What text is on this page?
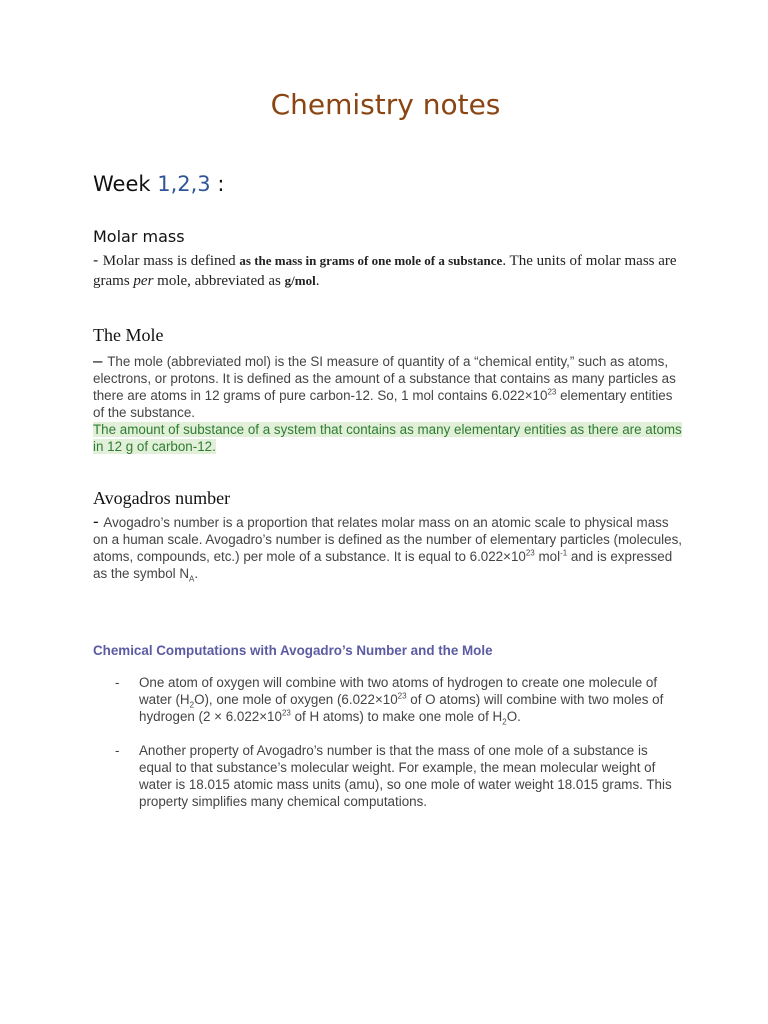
Chemistry notes
Week 1,2,3 :
Molar mass

- Molar mass is defined as the mass in grams of one mole of a substance. The units of molar mass are grams per mole, abbreviated as g/mol.

The Mole

– The mole (abbreviated mol) is the SI measure of quantity of a “chemical entity,” such as atoms, electrons, or protons. It is defined as the amount of a substance that contains as many particles as there are atoms in 12 grams of pure carbon-12. So, 1 mol contains $6.022\times 10^{23}$ elementary entities of the substance.
The amount of substance of a system that contains as many elementary entities as there are atoms in 12 g of carbon-12.

Avogadros number

- Avogadro’s number is a proportion that relates molar mass on an atomic scale to physical mass on a human scale. Avogadro’s number is defined as the number of elementary particles (molecules, atoms, compounds, etc.) per mole of a substance. It is equal to $6.022\times 10^{23}$ mol$^{-1}$ and is expressed as the symbol $N_A$.

Chemical Computations with Avogadro’s Number and the Mole
- One atom of oxygen will combine with two atoms of hydrogen to create one molecule of water $(H_2O)$, one mole of oxygen ($6.022\times 10^{23}$ of O atoms) will combine with two moles of hydrogen ($2 \times 6.022\times 10^{23}$ of H atoms) to make one mole of $H_2O$.
- Another property of Avogadro’s number is that the mass of one mole of a substance is equal to that substance’s molecular weight. For example, the mean molecular weight of water is 18.015 atomic mass units (amu), so one mole of water weight 18.015 grams. This property simplifies many chemical computations.
